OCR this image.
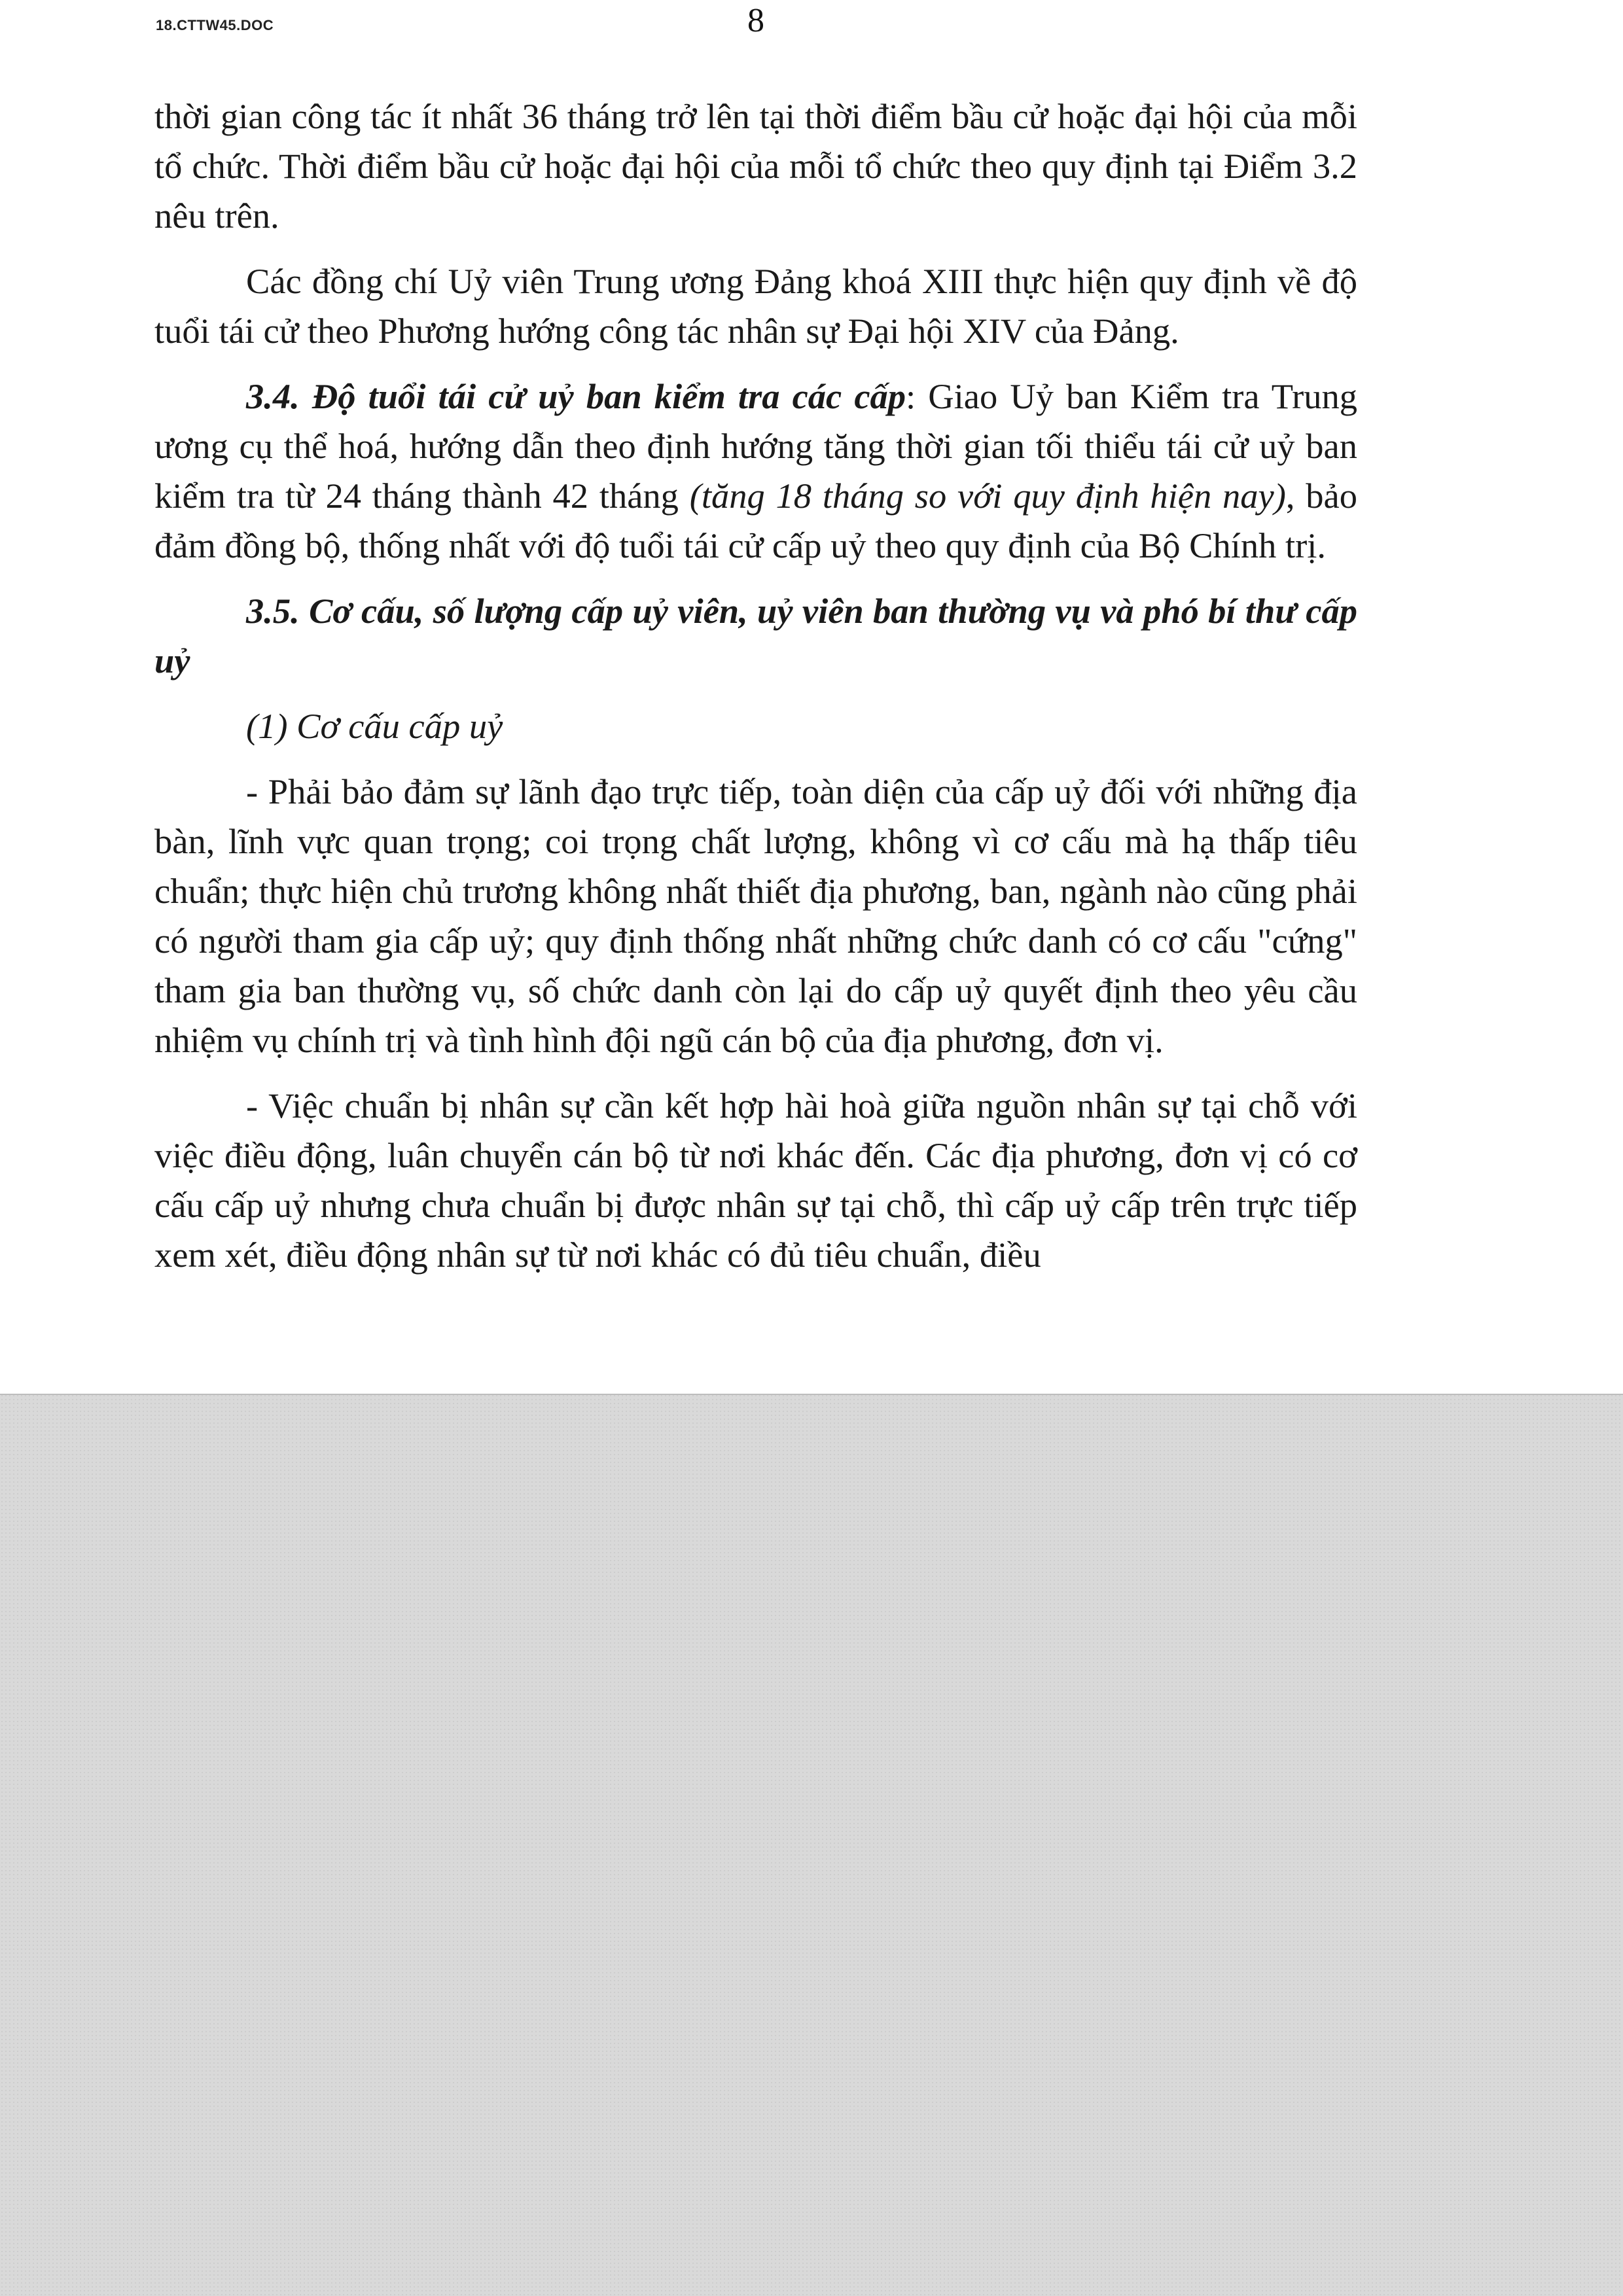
18.CTTW45.DOC	8

thời gian công tác ít nhất 36 tháng trở lên tại thời điểm bầu cử hoặc đại hội của mỗi tổ chức. Thời điểm bầu cử hoặc đại hội của mỗi tổ chức theo quy định tại Điểm 3.2 nêu trên.

Các đồng chí Uỷ viên Trung ương Đảng khoá XIII thực hiện quy định về độ tuổi tái cử theo Phương hướng công tác nhân sự Đại hội XIV của Đảng.

3.4. Độ tuổi tái cử uỷ ban kiểm tra các cấp: Giao Uỷ ban Kiểm tra Trung ương cụ thể hoá, hướng dẫn theo định hướng tăng thời gian tối thiểu tái cử uỷ ban kiểm tra từ 24 tháng thành 42 tháng (tăng 18 tháng so với quy định hiện nay), bảo đảm đồng bộ, thống nhất với độ tuổi tái cử cấp uỷ theo quy định của Bộ Chính trị.

3.5. Cơ cấu, số lượng cấp uỷ viên, uỷ viên ban thường vụ và phó bí thư cấp uỷ

(1) Cơ cấu cấp uỷ

- Phải bảo đảm sự lãnh đạo trực tiếp, toàn diện của cấp uỷ đối với những địa bàn, lĩnh vực quan trọng; coi trọng chất lượng, không vì cơ cấu mà hạ thấp tiêu chuẩn; thực hiện chủ trương không nhất thiết địa phương, ban, ngành nào cũng phải có người tham gia cấp uỷ; quy định thống nhất những chức danh có cơ cấu "cứng" tham gia ban thường vụ, số chức danh còn lại do cấp uỷ quyết định theo yêu cầu nhiệm vụ chính trị và tình hình đội ngũ cán bộ của địa phương, đơn vị.

- Việc chuẩn bị nhân sự cần kết hợp hài hoà giữa nguồn nhân sự tại chỗ với việc điều động, luân chuyển cán bộ từ nơi khác đến. Các địa phương, đơn vị có cơ cấu cấp uỷ nhưng chưa chuẩn bị được nhân sự tại chỗ, thì cấp uỷ cấp trên trực tiếp xem xét, điều động nhân sự từ nơi khác có đủ tiêu chuẩn, điều
